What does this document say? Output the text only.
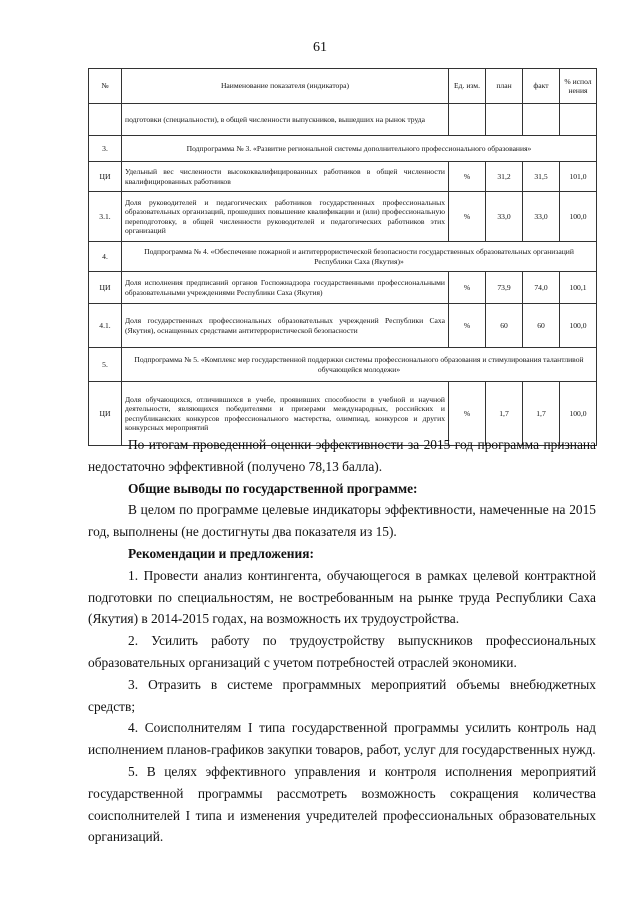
61
№	Наименование показателя (индикатора)	Ед. изм.	план	факт	% испол нения
	подготовки (специальности), в общей численности выпускников, вышедших на рынок труда				
3.	Подпрограмма № 3. «Развитие региональной системы дополнительного профессионального образования»				
ЦИ	Удельный вес численности высококвалифицированных работников в общей численности квалифицированных работников	%	31,2	31,5	101,0
3.1.	Доля руководителей и педагогических работников государственных профессиональных образовательных организаций, прошедших повышение квалификации и (или) профессиональную переподготовку, в общей численности руководителей и педагогических работников этих организаций	%	33,0	33,0	100,0
4.	Подпрограмма № 4. «Обеспечение пожарной и антитеррористической безопасности государственных образовательных организаций Республики Саха (Якутия)»				
ЦИ	Доля исполнения предписаний органов Госпожнадзора государственными профессиональными образовательными учреждениями Республики Саха (Якутия)	%	73,9	74,0	100,1
4.1.	Доля государственных профессиональных образовательных учреждений Республики Саха (Якутия), оснащенных средствами антитеррористической безопасности	%	60	60	100,0
5.	Подпрограмма № 5. «Комплекс мер государственной поддержки системы профессионального образования и стимулирования талантливой обучающейся молодежи»				
ЦИ	Доля обучающихся, отличившихся в учебе, проявивших способности в учебной и научной деятельности, являющихся победителями и призерами международных, российских и республиканских конкурсов профессионального мастерства, олимпиад, конкурсов и других конкурсных мероприятий	%	1,7	1,7	100,0

По итогам проведенной оценки эффективности за 2015 год программа признана недостаточно эффективной (получено 78,13 балла).

Общие выводы по государственной программе:

В целом по программе целевые индикаторы эффективности, намеченные на 2015 год, выполнены (не достигнуты два показателя из 15).

Рекомендации и предложения:

1. Провести анализ контингента, обучающегося в рамках целевой контрактной подготовки по специальностям, не востребованным на рынке труда Республики Саха (Якутия) в 2014-2015 годах, на возможность их трудоустройства.

2. Усилить работу по трудоустройству выпускников профессиональных образовательных организаций с учетом потребностей отраслей экономики.

3. Отразить в системе программных мероприятий объемы внебюджетных средств;

4. Соисполнителям I типа государственной программы усилить контроль над исполнением планов-графиков закупки товаров, работ, услуг для государственных нужд.

5. В целях эффективного управления и контроля исполнения мероприятий государственной программы рассмотреть возможность сокращения количества соисполнителей I типа и изменения учредителей профессиональных образовательных организаций.
